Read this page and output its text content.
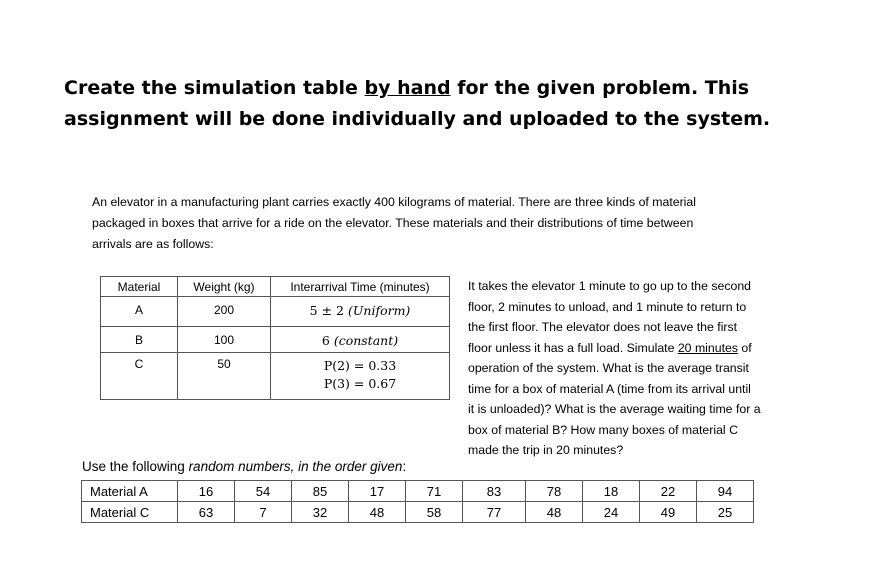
Create the simulation table by hand for the given problem. This assignment will be done individually and uploaded to the system.
An elevator in a manufacturing plant carries exactly 400 kilograms of material. There are three kinds of material
packaged in boxes that arrive for a ride on the elevator. These materials and their distributions of time between
arrivals are as follows:
Material	Weight (kg)	Interarrival Time (minutes)
A	200	5 ± 2 (Uniform)
B	100	6 (constant)
C	50	P(2) = 0.33
P(3) = 0.67
It takes the elevator 1 minute to go up to the second
floor, 2 minutes to unload, and 1 minute to return to
the first floor. The elevator does not leave the first
floor unless it has a full load. Simulate 20 minutes of
operation of the system. What is the average transit
time for a box of material A (time from its arrival until
it is unloaded)? What is the average waiting time for a
box of material B? How many boxes of material C
made the trip in 20 minutes?
Use the following random numbers, in the order given:
Material A	16	54	85	17	71	83	78	18	22	94
Material C	63	7	32	48	58	77	48	24	49	25
